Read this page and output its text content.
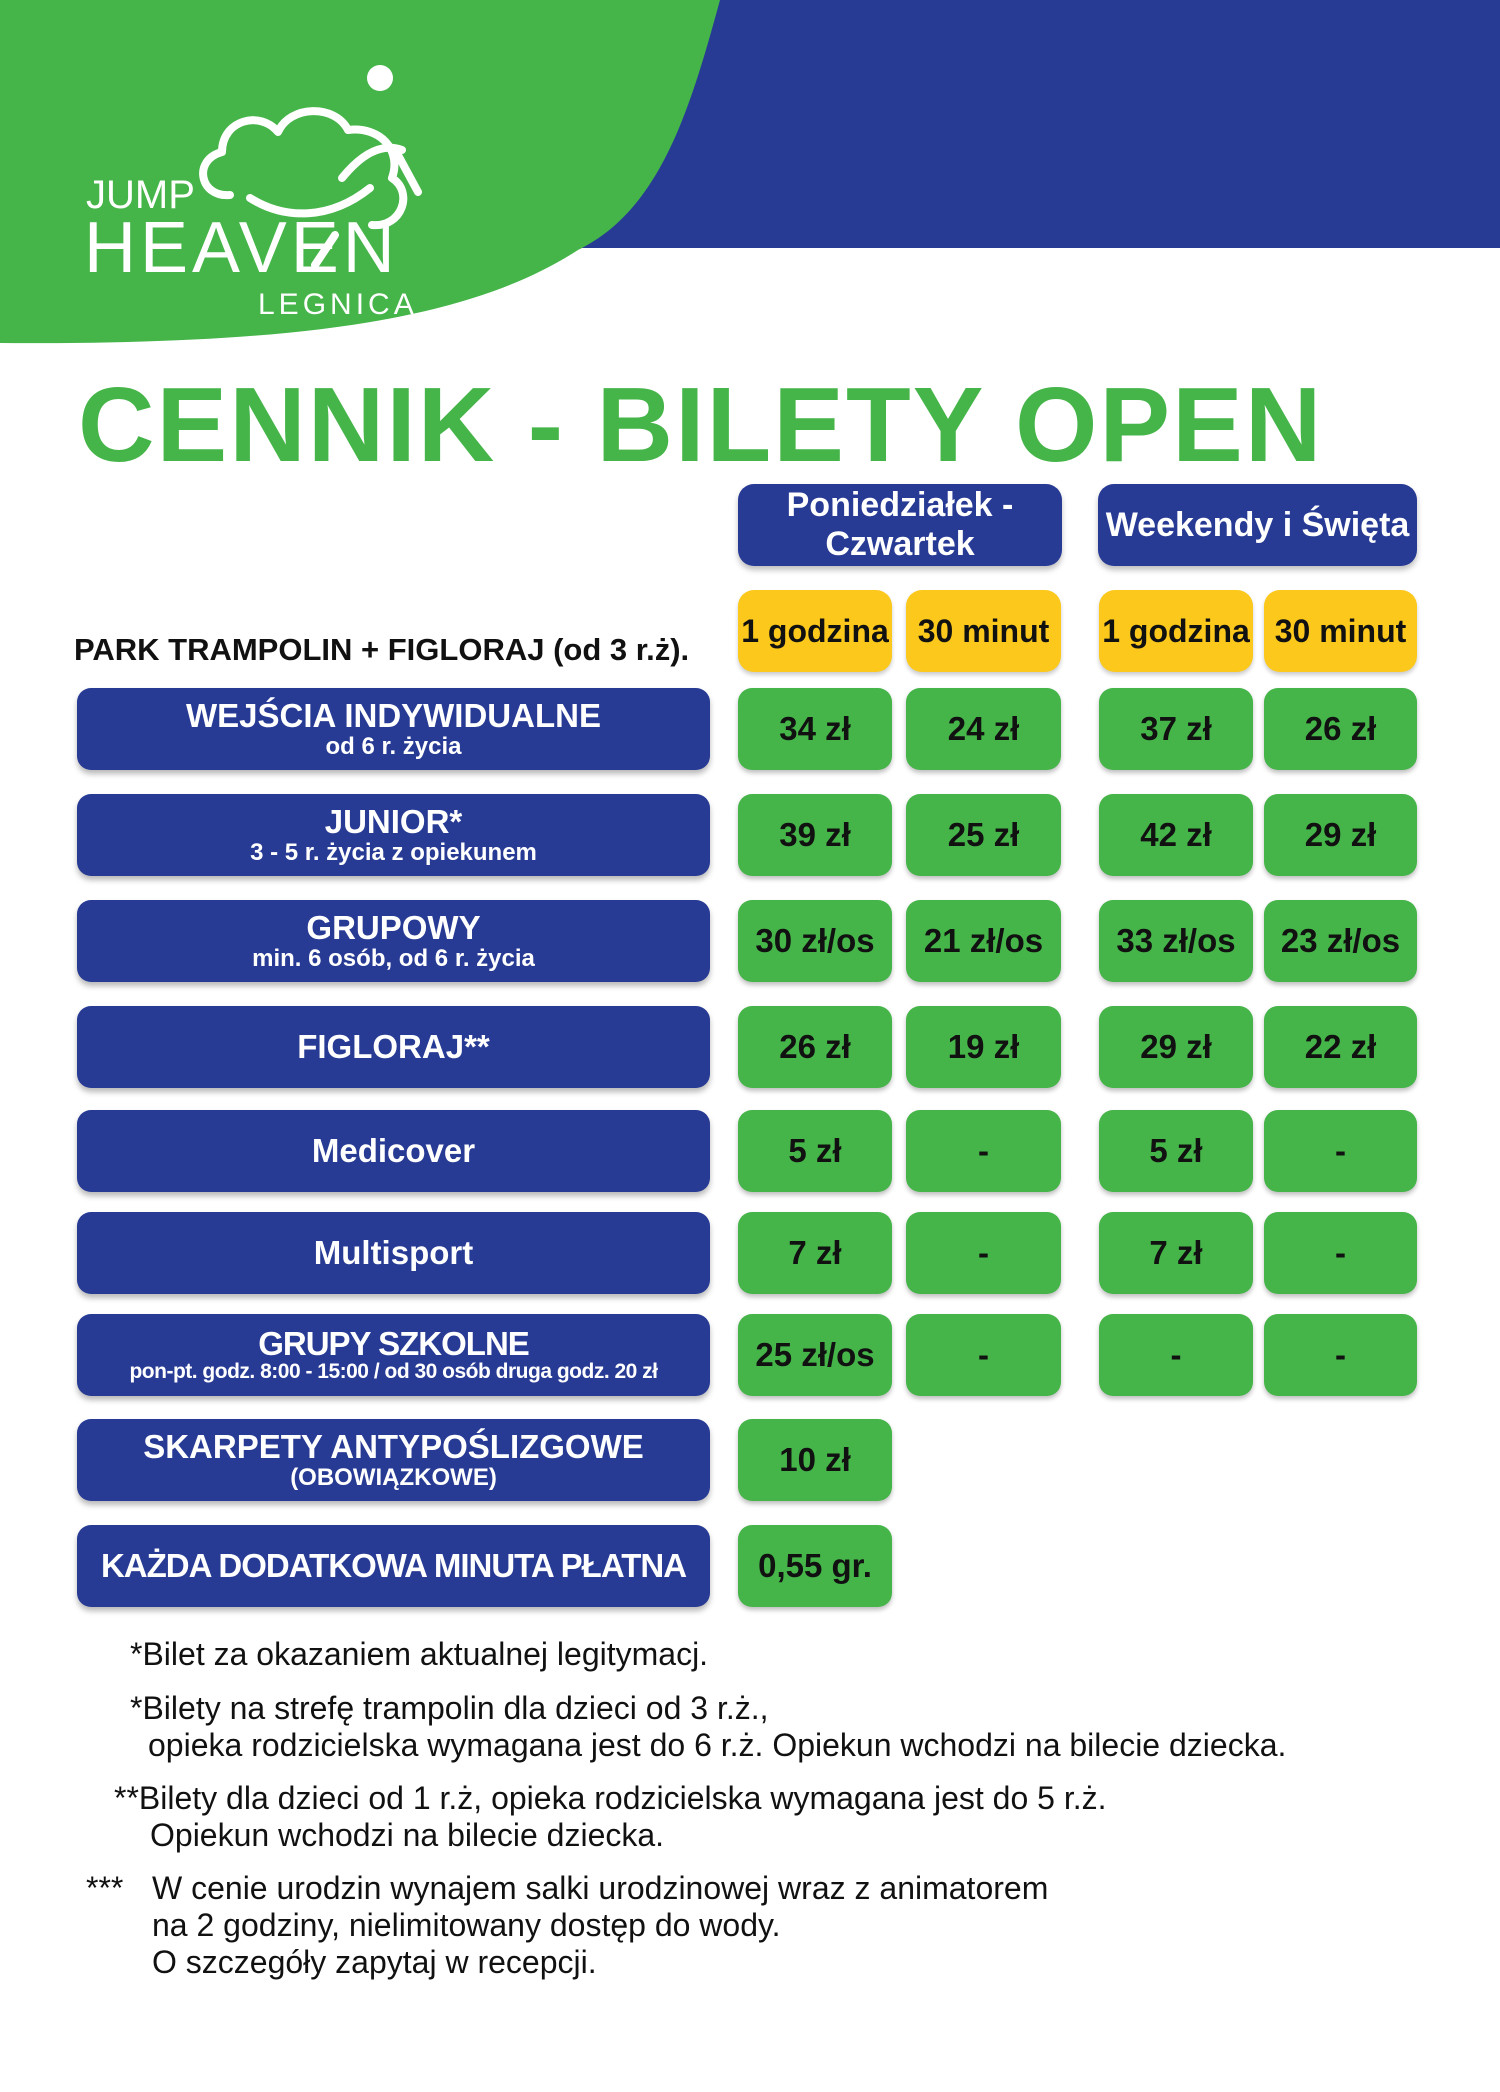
JUMP
HEAVEN
LEGNICA
CENNIK - BILETY OPEN
Poniedziałek - Czwartek
Weekendy i Święta
1 godzina 30 minut	1 godzina 30 minut

PARK TRAMPOLIN + FIGLORAJ (od 3 r.ż).

WEJŚCIA INDYWIDUALNE
od 6 r. życia	34 zł	24 zł	37 zł	26 zł
JUNIOR*
3 - 5 r. życia z opiekunem	39 zł	25 zł	42 zł	29 zł
GRUPOWY
min. 6 osób, od 6 r. życia	30 zł/os	21 zł/os	33 zł/os	23 zł/os
FIGLORAJ**	26 zł	19 zł	29 zł	22 zł
Medicover	5 zł	-	5 zł	-
Multisport	7 zł	-	7 zł	-
GRUPY SZKOLNE
pon-pt. godz. 8:00 - 15:00 / od 30 osób druga godz. 20 zł	25 zł/os	-	-	-
SKARPETY ANTYPOŚLIZGOWE
(OBOWIĄZKOWE)	10 zł
KAŻDA DODATKOWA MINUTA PŁATNA	0,55 gr.

*Bilet za okazaniem aktualnej legitymacj.

*Bilety na strefę trampolin dla dzieci od 3 r.ż.,
opieka rodzicielska wymagana jest do 6 r.ż. Opiekun wchodzi na bilecie dziecka.

**Bilety dla dzieci od 1 r.ż, opieka rodzicielska wymagana jest do 5 r.ż.
Opiekun wchodzi na bilecie dziecka.

*** W cenie urodzin wynajem salki urodzinowej wraz z animatorem
na 2 godziny, nielimitowany dostęp do wody.
O szczegóły zapytaj w recepcji.
